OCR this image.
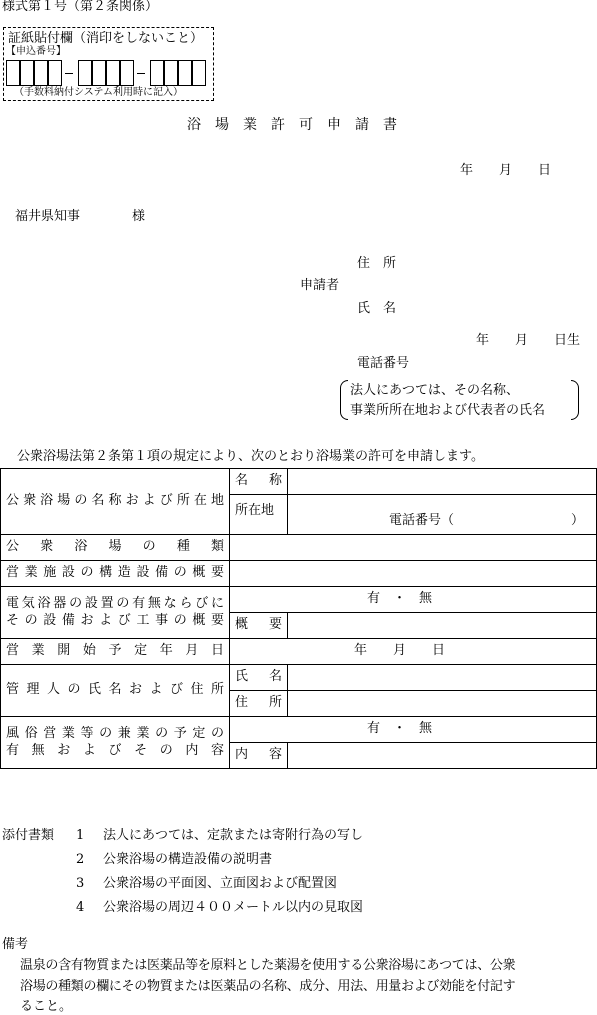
様式第１号（第２条関係）
証紙貼付欄（消印をしないこと）
【申込番号】
（手数料納付システム利用時に記入）
浴　場　業　許　可　申　請　書
年　　月　　日
福井県知事　　　　様
住　所
申請者
氏　名
年　　月　　日生
電話番号
法人にあつては、その名称、
事業所所在地および代表者の氏名
公衆浴場法第２条第１項の規定により、次のとおり浴場業の許可を申請します。
公衆浴場の名称および所在地	名　称	
	所在地	電話番号（　　　　　　　　　）
公衆浴場の種類		
営業施設の構造設備の概要		

電気浴器の設置の有無ならびに
その設備および工事の概要	有　・　無	
	概　要	
営業開始予定年月日	年　　月　　日	
管理人の氏名および住所	氏　名	
	住　所	

風俗営業等の兼業の予定の
有無およびその内容	有　・　無	
	内　容	
添付書類 1 法人にあつては、定款または寄附行為の写し
2 公衆浴場の構造設備の説明書
3 公衆浴場の平面図、立面図および配置図
4 公衆浴場の周辺４００メートル以内の見取図
備考
温泉の含有物質または医薬品等を原料とした薬湯を使用する公衆浴場にあつては、公衆
浴場の種類の欄にその物質または医薬品の名称、成分、用法、用量および効能を付記す
ること。
